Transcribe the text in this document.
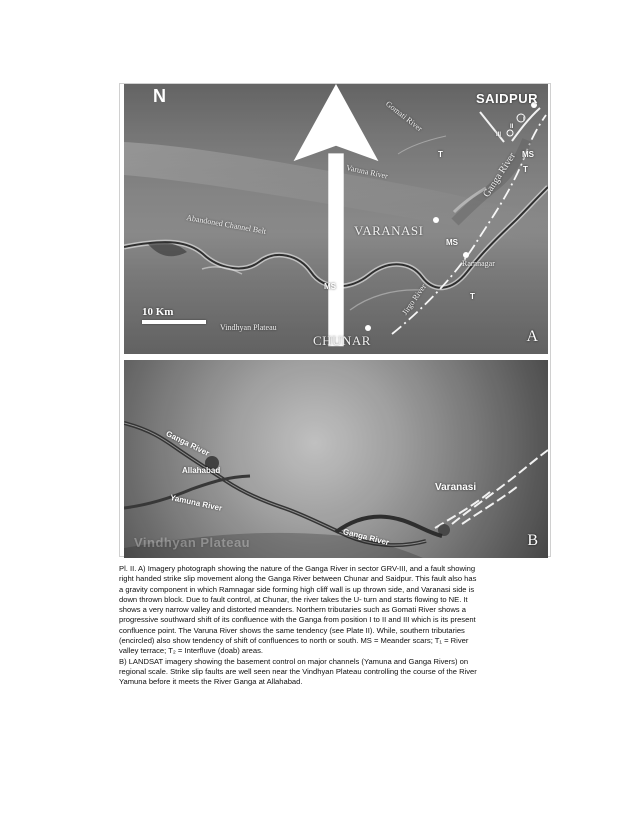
N	SAIDPUR
Gomati River
Varuna River
Abandoned Channel Belt	VARANASI
Ganga River
Ramnagar
I
II
III
MS
MS
MS
T
T
T
Jirgo River
Vindhyan Plateau
CHUNAR
10 Km
A
Ganga River
Allahabad
Yamuna River
Varanasi
Ganga River
Vindhyan Plateau	B

Pl. II. A) Imagery photograph showing the nature of the Ganga River in sector GRV-III, and a fault showing

right handed strike slip movement along the Ganga River between Chunar and Saidpur. This fault also has

a gravity component in which Ramnagar side forming high cliff wall is up thrown side, and Varanasi side is

down thrown block. Due to fault control, at Chunar, the river takes the U- turn and starts flowing to NE. It

shows a very narrow valley and distorted meanders. Northern tributaries such as Gomati River shows a

progressive southward shift of its confluence with the Ganga from position I to II and III which is its present

confluence point. The Varuna River shows the same tendency (see Plate II). While, southern tributaries

(encircled) also show tendency of shift of confluences to north or south. MS = Meander scars; T₁ = River

valley terrace; T₂ = Interfluve (doab) areas.

B) LANDSAT imagery showing the basement control on major channels (Yamuna and Ganga Rivers) on

regional scale. Strike slip faults are well seen near the Vindhyan Plateau controlling the course of the River

Yamuna before it meets the River Ganga at Allahabad.
